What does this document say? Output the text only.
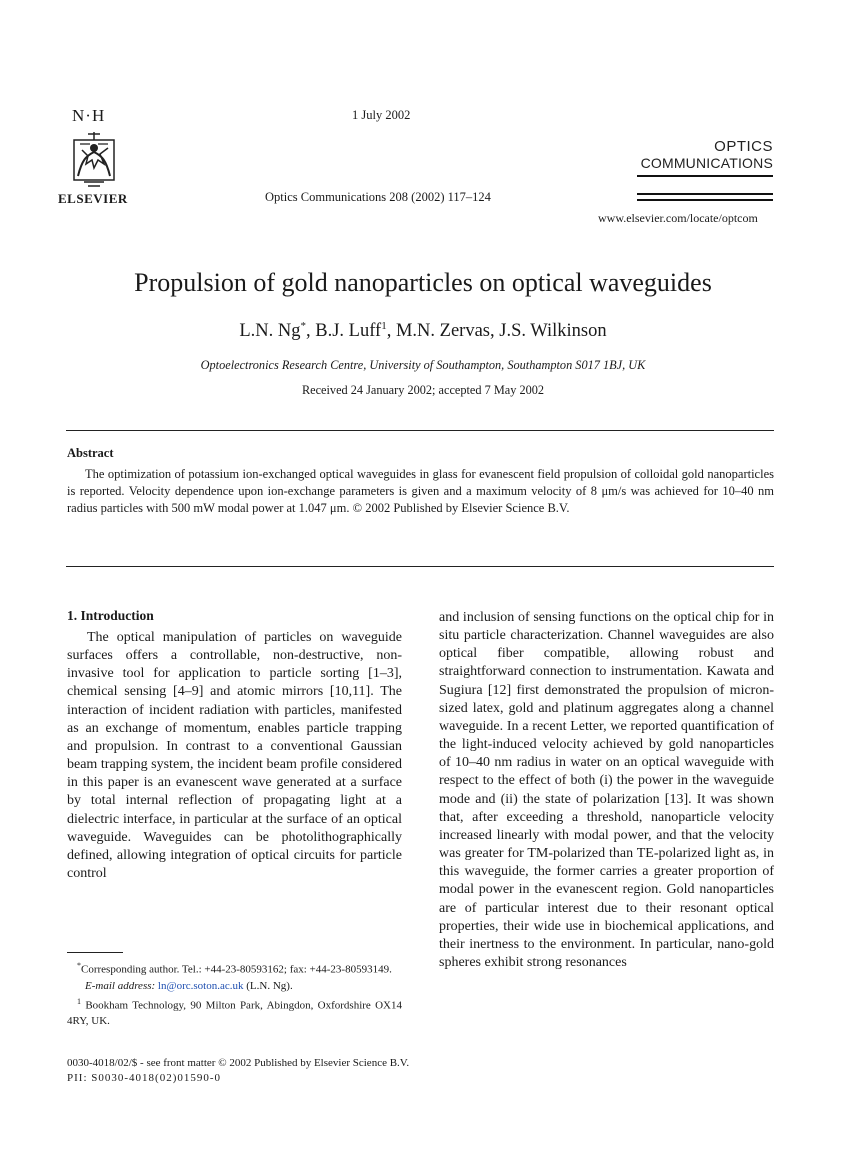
N·H
ELSEVIER
1 July 2002
Optics Communications 208 (2002) 117–124
OPTICS
COMMUNICATIONS
www.elsevier.com/locate/optcom
Propulsion of gold nanoparticles on optical waveguides
L.N. Ng*, B.J. Luff$^1$, M.N. Zervas, J.S. Wilkinson
Optoelectronics Research Centre, University of Southampton, Southampton S017 1BJ, UK
Received 24 January 2002; accepted 7 May 2002
Abstract
The optimization of potassium ion-exchanged optical waveguides in glass for evanescent field propulsion of colloidal gold nanoparticles is reported. Velocity dependence upon ion-exchange parameters is given and a maximum velocity of 8 μm/s was achieved for 10–40 nm radius particles with 500 mW modal power at 1.047 μm. © 2002 Published by Elsevier Science B.V.
1. Introduction
The optical manipulation of particles on waveguide surfaces offers a controllable, non-destructive, non-invasive tool for application to particle sorting [1–3], chemical sensing [4–9] and atomic mirrors [10,11]. The interaction of incident radiation with particles, manifested as an exchange of momentum, enables particle trapping and propulsion. In contrast to a conventional Gaussian beam trapping system, the incident beam profile considered in this paper is an evanescent wave generated at a surface by total internal reflection of propagating light at a dielectric interface, in particular at the surface of an optical waveguide. Waveguides can be photolithographically defined, allowing integration of optical circuits for particle control
and inclusion of sensing functions on the optical chip for in situ particle characterization. Channel waveguides are also optical fiber compatible, allowing robust and straightforward connection to instrumentation. Kawata and Sugiura [12] first demonstrated the propulsion of micron-sized latex, gold and platinum aggregates along a channel waveguide. In a recent Letter, we reported quantification of the light-induced velocity achieved by gold nanoparticles of 10–40 nm radius in water on an optical waveguide with respect to the effect of both (i) the power in the waveguide mode and (ii) the state of polarization [13]. It was shown that, after exceeding a threshold, nanoparticle velocity increased linearly with modal power, and that the velocity was greater for TM-polarized than TE-polarized light as, in this waveguide, the former carries a greater proportion of modal power in the evanescent region. Gold nanoparticles are of particular interest due to their resonant optical properties, their wide use in biochemical applications, and their inertness to the environment. In particular, nano-gold spheres exhibit strong resonances

*Corresponding author. Tel.: +44-23-80593162; fax: +44-23-80593149.

E-mail address: ln@orc.soton.ac.uk (L.N. Ng).

$^1$ Bookham Technology, 90 Milton Park, Abingdon, Oxfordshire OX14 4RY, UK.

0030-4018/02/$ - see front matter © 2002 Published by Elsevier Science B.V.
PII: S0030-4018(02)01590-0
